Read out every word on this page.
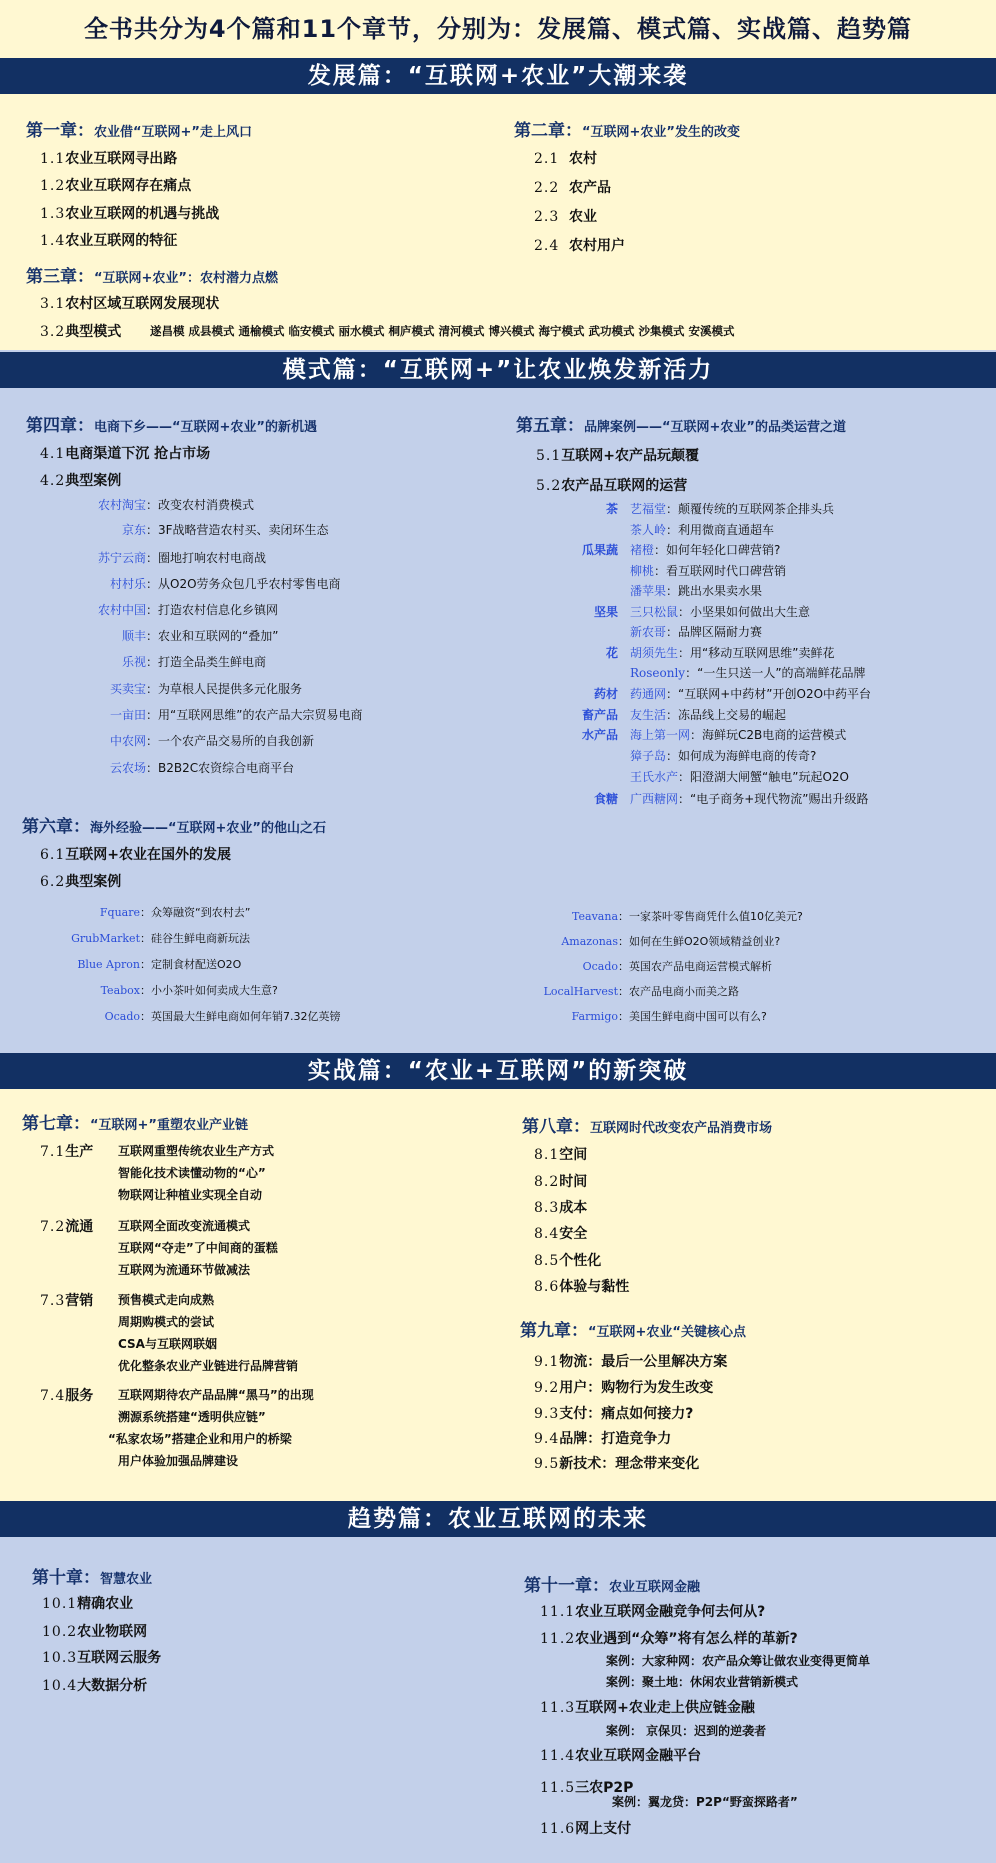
全书共分为4个篇和11个章节，分别为：发展篇、模式篇、实战篇、趋势篇
发展篇：“互联网+农业”大潮来袭
第一章：农业借“互联网+”走上风口
1.1农业互联网寻出路
1.2农业互联网存在痛点
1.3农业互联网的机遇与挑战
1.4农业互联网的特征
第二章：“互联网+农业”发生的改变
2.1 农村
2.2 农产品
2.3 农业
2.4 农村用户
第三章：“互联网+农业”：农村潜力点燃
3.1农村区域互联网发展现状
3.2典型模式 遂昌模 成县模式 通榆模式 临安模式 丽水模式 桐庐模式 清河模式 博兴模式 海宁模式 武功模式 沙集模式 安溪模式
模式篇：“互联网+”让农业焕发新活力
第四章：电商下乡——“互联网+农业”的新机遇
4.1电商渠道下沉 抢占市场
4.2典型案例
农村淘宝：改变农村消费模式
京东：3F战略营造农村买、卖闭环生态
苏宁云商：圈地打响农村电商战
村村乐：从O2O劳务众包几乎农村零售电商
农村中国：打造农村信息化乡镇网
顺丰：农业和互联网的“叠加”
乐视：打造全品类生鲜电商
买卖宝：为草根人民提供多元化服务
一亩田：用“互联网思维”的农产品大宗贸易电商
中农网：一个农产品交易所的自我创新
云农场：B2B2C农资综合电商平台
第五章：品牌案例——“互联网+农业”的品类运营之道
5.1互联网+农产品玩颠覆
5.2农产品互联网的运营
茶 艺福堂：颠覆传统的互联网茶企排头兵
茶人岭：利用微商直通超车
瓜果蔬 褚橙：如何年轻化口碑营销?
柳桃：看互联网时代口碑营销
潘苹果：跳出水果卖水果
坚果 三只松鼠：小坚果如何做出大生意
新农哥：品牌区隔耐力赛
花 胡须先生：用“移动互联网思维”卖鲜花
Roseonly：“一生只送一人”的高端鲜花品牌
药材 药通网：“互联网+中药材”开创O2O中药平台
畜产品 友生活：冻品线上交易的崛起
水产品 海上第一网：海鲜玩C2B电商的运营模式
獐子岛：如何成为海鲜电商的传奇?
王氏水产：阳澄湖大闸蟹“触电”玩起O2O
食糖 广西糖网：“电子商务+现代物流”赐出升级路
第六章：海外经验——“互联网+农业”的他山之石
6.1互联网+农业在国外的发展
6.2典型案例
Fquare：众筹融资“到农村去”
GrubMarket：硅谷生鲜电商新玩法
Blue Apron：定制食材配送O2O
Teabox：小小茶叶如何卖成大生意?
Ocado：英国最大生鲜电商如何年销7.32亿英镑
Teavana：一家茶叶零售商凭什么值10亿美元?
Amazonas：如何在生鲜O2O领域精益创业?
Ocado：英国农产品电商运营模式解析
LocalHarvest：农产品电商小而美之路
Farmigo：美国生鲜电商中国可以有么?
实战篇：“农业+互联网”的新突破
第七章：“互联网+”重塑农业产业链
7.1生产 互联网重塑传统农业生产方式
智能化技术读懂动物的“心”
物联网让种植业实现全自动
7.2流通 互联网全面改变流通模式
互联网“夺走”了中间商的蛋糕
互联网为流通环节做减法
7.3营销 预售模式走向成熟
周期购模式的尝试
CSA与互联网联姻
优化整条农业产业链进行品牌营销
7.4服务 互联网期待农产品品牌“黑马”的出现
溯源系统搭建“透明供应链”
“私家农场”搭建企业和用户的桥梁
用户体验加强品牌建设
第八章：互联网时代改变农产品消费市场
8.1空间
8.2时间
8.3成本
8.4安全
8.5个性化
8.6体验与黏性
第九章：“互联网+农业“关键核心点
9.1物流：最后一公里解决方案
9.2用户：购物行为发生改变
9.3支付：痛点如何接力?
9.4品牌：打造竞争力
9.5新技术：理念带来变化
趋势篇：农业互联网的未来
第十章：智慧农业
10.1精确农业
10.2农业物联网
10.3互联网云服务
10.4大数据分析
第十一章：农业互联网金融
11.1农业互联网金融竞争何去何从?
11.2农业遇到“众筹”将有怎么样的革新?
11.3互联网+农业走上供应链金融
11.4农业互联网金融平台
11.5三农P2P
11.6网上支付
案例：大家种网：农产品众筹让做农业变得更简单
案例：聚土地：休闲农业营销新模式
案例： 京保贝：迟到的逆袭者
案例：翼龙贷：P2P“野蛮探路者”
